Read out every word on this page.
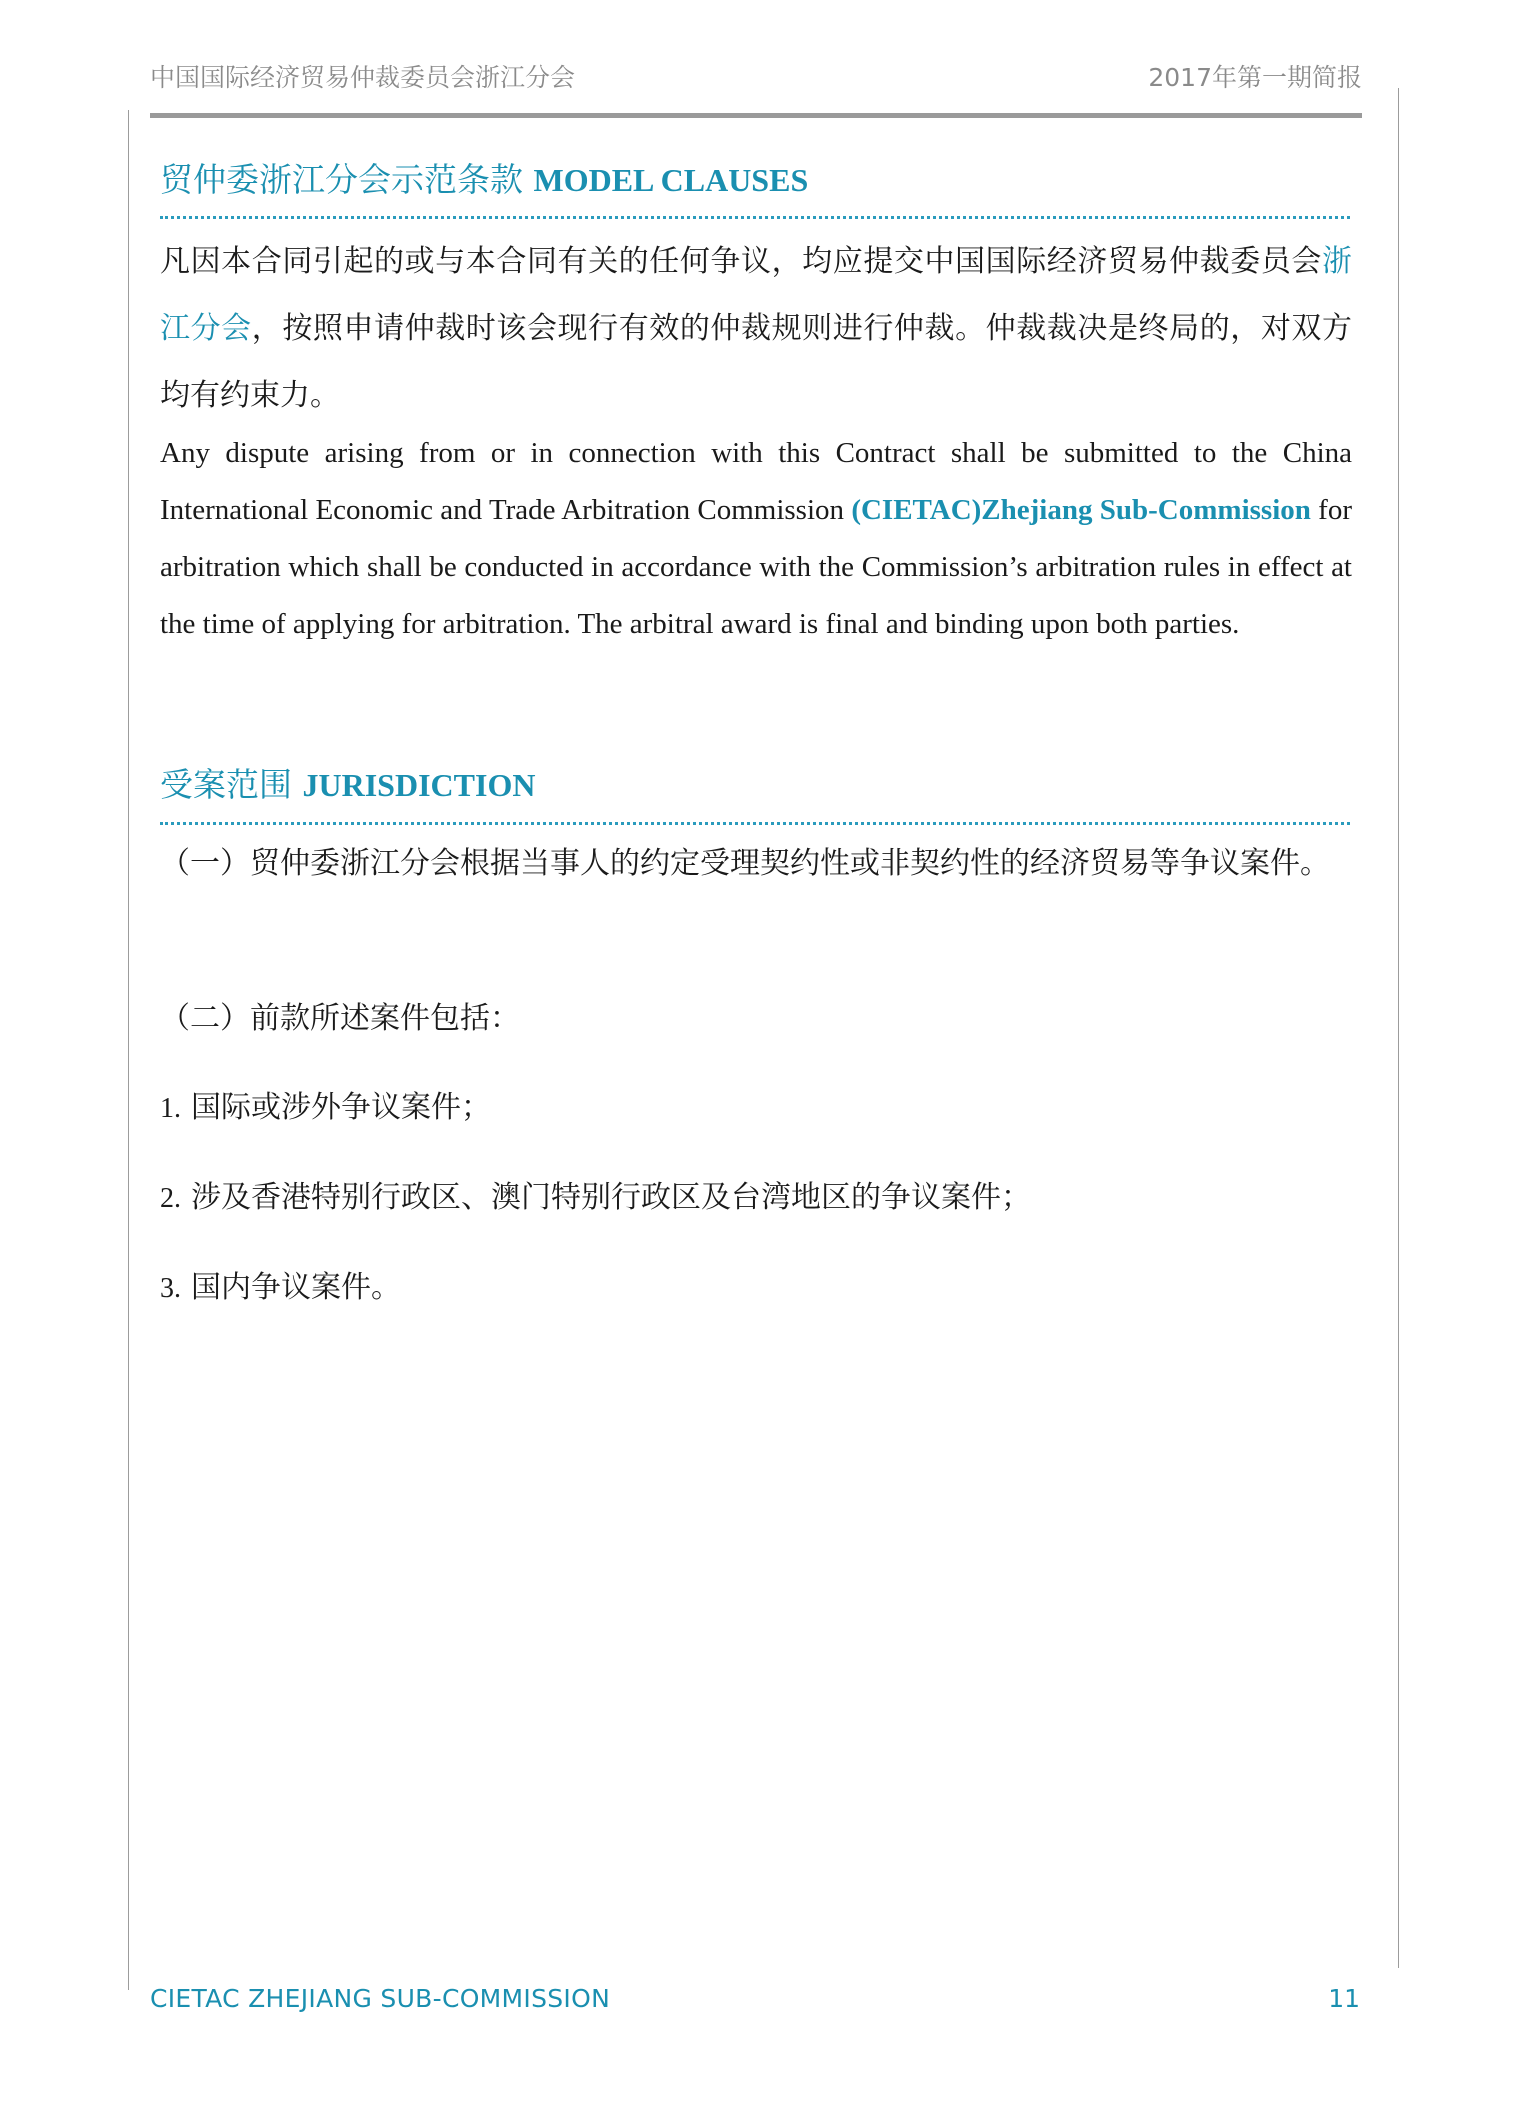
中国国际经济贸易仲裁委员会浙江分会	2017年第一期简报
贸仲委浙江分会示范条款 MODEL CLAUSES
凡因本合同引起的或与本合同有关的任何争议，均应提交中国国际经济贸易仲裁委员会浙江分会，按照申请仲裁时该会现行有效的仲裁规则进行仲裁。仲裁裁决是终局的，对双方均有约束力。
Any dispute arising from or in connection with this Contract shall be submitted to the China International Economic and Trade Arbitration Commission (CIETAC)Zhejiang Sub-Commission for arbitration which shall be conducted in accordance with the Commission’s arbitration rules in effect at the time of applying for arbitration. The arbitral award is final and binding upon both parties.
受案范围 JURISDICTION
（一）贸仲委浙江分会根据当事人的约定受理契约性或非契约性的经济贸易等争议案件。
（二）前款所述案件包括：
1. 国际或涉外争议案件；
2. 涉及香港特别行政区、澳门特别行政区及台湾地区的争议案件；
3. 国内争议案件。
CIETAC ZHEJIANG SUB-COMMISSION	11
